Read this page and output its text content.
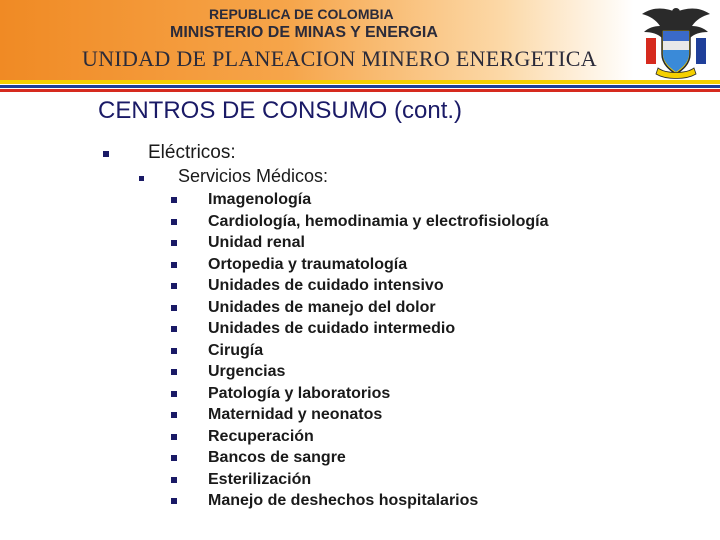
REPUBLICA DE COLOMBIA
MINISTERIO DE MINAS Y ENERGIA
UNIDAD DE PLANEACION MINERO ENERGETICA
CENTROS DE CONSUMO (cont.)
Eléctricos:
Servicios Médicos:
Imagenología
Cardiología, hemodinamia y electrofisiología
Unidad renal
Ortopedia y traumatología
Unidades de cuidado intensivo
Unidades de manejo del dolor
Unidades de cuidado intermedio
Cirugía
Urgencias
Patología y laboratorios
Maternidad y neonatos
Recuperación
Bancos de sangre
Esterilización
Manejo de deshechos hospitalarios
